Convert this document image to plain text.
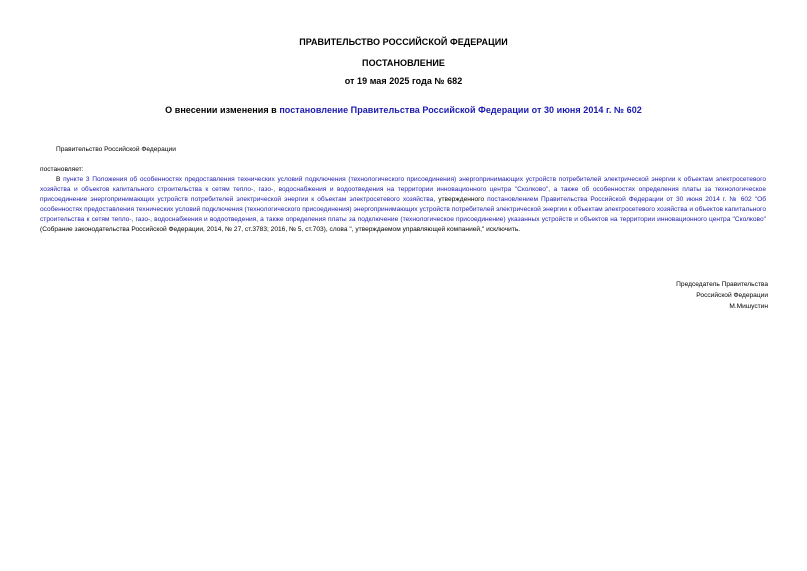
ПРАВИТЕЛЬСТВО РОССИЙСКОЙ ФЕДЕРАЦИИ
ПОСТАНОВЛЕНИЕ
от 19 мая 2025 года № 682
О внесении изменения в постановление Правительства Российской Федерации от 30 июня 2014 г. № 602
Правительство Российской Федерации
постановляет:
В пункте 3 Положения об особенностях предоставления технических условий подключения (технологического присоединения) энергопринимающих устройств потребителей электрической энергии к объектам электросетевого хозяйства и объектов капитального строительства к сетям тепло-, газо-, водоснабжения и водоотведения на территории инновационного центра "Сколково", а также об особенностях определения платы за технологическое присоединение энергопринимающих устройств потребителей электрической энергии к объектам электросетевого хозяйства, утвержденного постановлением Правительства Российской Федерации от 30 июня 2014 г. № 602 "Об особенностях предоставления технических условий подключения (технологического присоединения) энергопринимающих устройств потребителей электрической энергии к объектам электросетевого хозяйства и объектов капитального строительства к сетям тепло-, газо-, водоснабжения и водоотведения, а также определения платы за подключение (технологическое присоединение) указанных устройств и объектов на территории инновационного центра "Сколково" (Собрание законодательства Российской Федерации, 2014, № 27, ст.3783; 2016, № 5, ст.703), слова ", утверждаемом управляющей компанией," исключить.
Председатель Правительства
Российской Федерации
М.Мишустин
